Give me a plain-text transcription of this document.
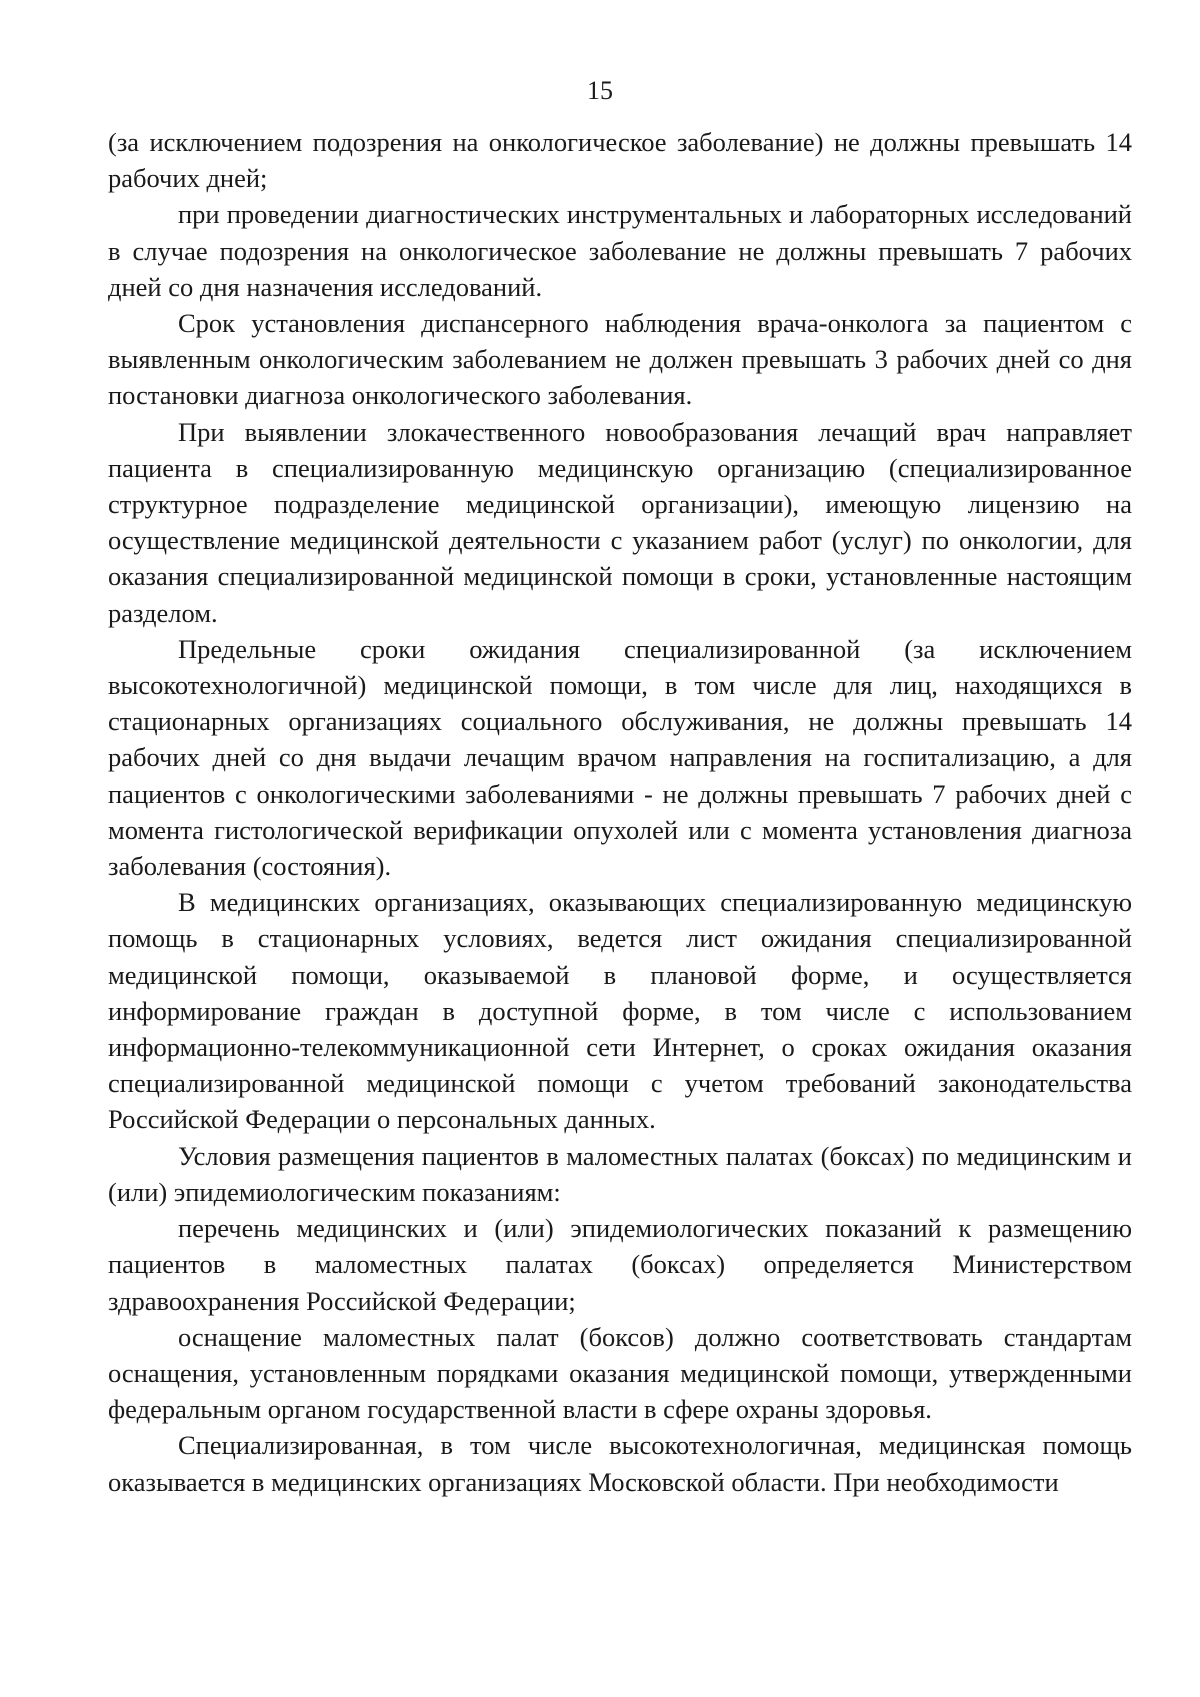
15

(за исключением подозрения на онкологическое заболевание) не должны превышать 14 рабочих дней;

при проведении диагностических инструментальных и лабораторных исследований в случае подозрения на онкологическое заболевание не должны превышать 7 рабочих дней со дня назначения исследований.

Срок установления диспансерного наблюдения врача-онколога за пациентом с выявленным онкологическим заболеванием не должен превышать 3 рабочих дней со дня постановки диагноза онкологического заболевания.

При выявлении злокачественного новообразования лечащий врач направляет пациента в специализированную медицинскую организацию (специализированное структурное подразделение медицинской организации), имеющую лицензию на осуществление медицинской деятельности с указанием работ (услуг) по онкологии, для оказания специализированной медицинской помощи в сроки, установленные настоящим разделом.

Предельные сроки ожидания специализированной (за исключением высокотехнологичной) медицинской помощи, в том числе для лиц, находящихся в стационарных организациях социального обслуживания, не должны превышать 14 рабочих дней со дня выдачи лечащим врачом направления на госпитализацию, а для пациентов с онкологическими заболеваниями - не должны превышать 7 рабочих дней с момента гистологической верификации опухолей или с момента установления диагноза заболевания (состояния).

В медицинских организациях, оказывающих специализированную медицинскую помощь в стационарных условиях, ведется лист ожидания специализированной медицинской помощи, оказываемой в плановой форме, и осуществляется информирование граждан в доступной форме, в том числе с использованием информационно-телекоммуникационной сети Интернет, о сроках ожидания оказания специализированной медицинской помощи с учетом требований законодательства Российской Федерации о персональных данных.

Условия размещения пациентов в маломестных палатах (боксах) по медицинским и (или) эпидемиологическим показаниям:

перечень медицинских и (или) эпидемиологических показаний к размещению пациентов в маломестных палатах (боксах) определяется Министерством здравоохранения Российской Федерации;

оснащение маломестных палат (боксов) должно соответствовать стандартам оснащения, установленным порядками оказания медицинской помощи, утвержденными федеральным органом государственной власти в сфере охраны здоровья.

Специализированная, в том числе высокотехнологичная, медицинская помощь оказывается в медицинских организациях Московской области. При необходимости
